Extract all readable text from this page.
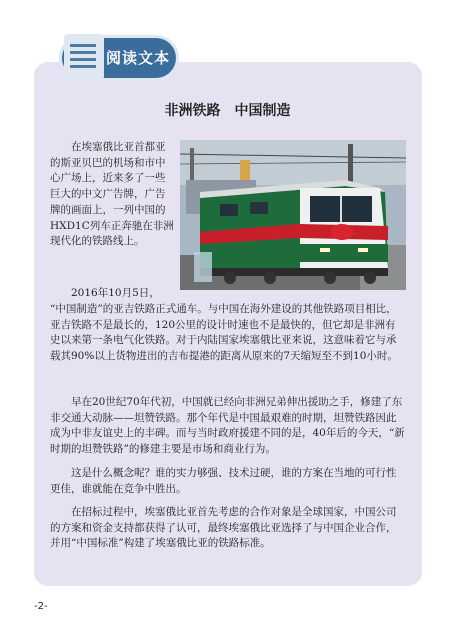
阅读文本
非洲铁路　中国制造
在埃塞俄比亚首都亚的斯亚贝巴的机场和市中心广场上，近来多了一些巨大的中文广告牌，广告牌的画面上，一列中国的HXD1C列车正奔驰在非洲现代化的铁路线上。
2016年10月5日，
“中国制造”的亚吉铁路正式通车。与中国在海外建设的其他铁路项目相比，亚吉铁路不是最长的，120公里的设计时速也不是最快的，但它却是非洲有史以来第一条电气化铁路。对于内陆国家埃塞俄比亚来说，这意味着它与承载其90%以上货物进出的吉布提港的距离从原来的7天缩短至不到10小时。
早在20世纪70年代初，中国就已经向非洲兄弟伸出援助之手，修建了东非交通大动脉——坦赞铁路。那个年代是中国最艰难的时期，坦赞铁路因此成为中非友谊史上的丰碑。而与当时政府援建不同的是，40年后的今天，“新时期的坦赞铁路”的修建主要是市场和商业行为。
这是什么概念呢？谁的实力够强、技术过硬，谁的方案在当地的可行性更佳，谁就能在竞争中胜出。
在招标过程中，埃塞俄比亚首先考虑的合作对象是全球国家，中国公司的方案和资金支持都获得了认可，最终埃塞俄比亚选择了与中国企业合作，并用“中国标准”构建了埃塞俄比亚的铁路标准。
-2-
